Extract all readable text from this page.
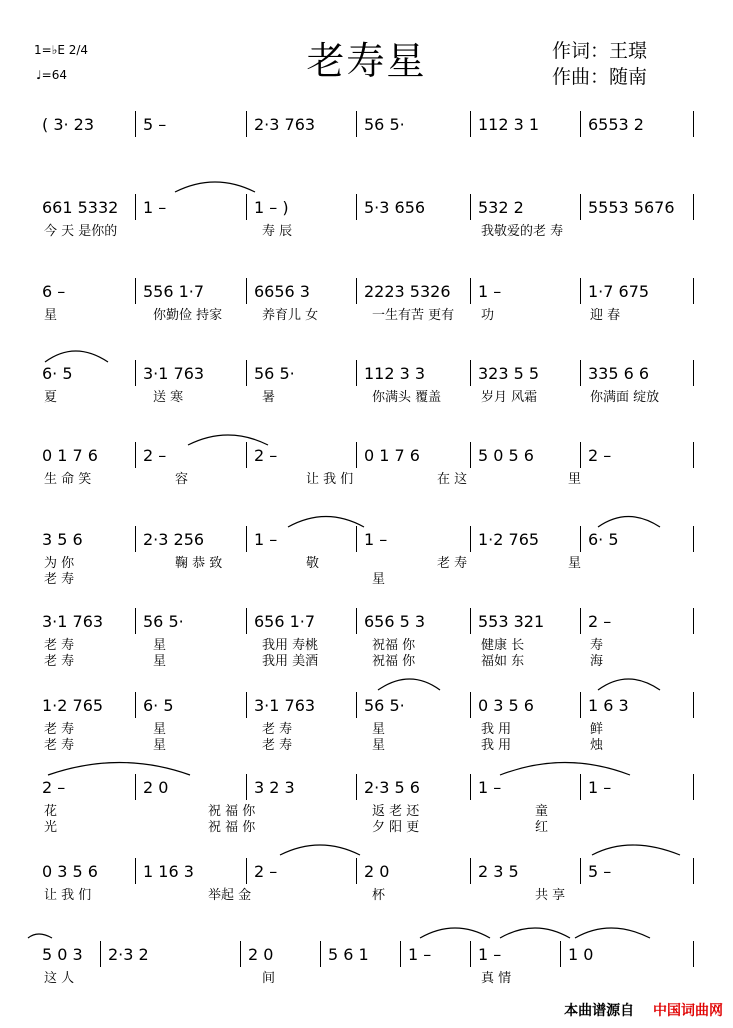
老寿星	作词：王璟
作曲：随南
1=♭E 2/4
♩=64
( 3· 23	5 –	2·3 763	56 5·	112 3 1	6553 2
661 5332 1 –	1 – )	5·3 656	532 2	5553 5676
今 天 是你的	寿 辰	我敬爱的老 寿
6 –	556 1·7	6656 3	2223 5326 1 –	1·7 675
星	你勤俭 持家	养育儿 女	一生有苦 更有 功	迎 春
6· 5	3·1 763	56 5·	112 3 3	323 5 5	335 6 6
夏	送 寒	暑	你满头 覆盖	岁月 风霜	你满面 绽放
0 1 7 6	2 –	2 –	0 1 7 6	5 0 5 6	2 –
生 命 笑	容	让 我 们	在 这	里
3 5 6	2·3 256	1 –	1 –	1·2 765	6· 5
为 你	鞠 恭 致	敬	老 寿	星
老 寿	星
3·1 763 56 5·	656 1·7	656 5 3	553 321	2 –
老 寿	星	我用 寿桃	祝福 你	健康 长	寿
老 寿	星	我用 美酒	祝福 你	福如 东	海
1·2 765 6· 5	3·1 763	56 5·	0 3 5 6	1 6 3
老 寿	星	老 寿	星	我 用	鲜
老 寿	星	老 寿	星	我 用	烛
2 –	2 0	3 2 3	2·3 5 6	1 –	1 –
花	祝 福 你	返 老 还	童
光	祝 福 你	夕 阳 更	红
0 3 5 6	1 16 3	2 –	2 0	2 3 5	5 –
让 我 们	举起 金	杯	共 享
5 0 3 2·3 2	2 0	5 6 1 1 –	1 –	1 0
这 人	间	真 情
本曲谱源自 中国词曲网
